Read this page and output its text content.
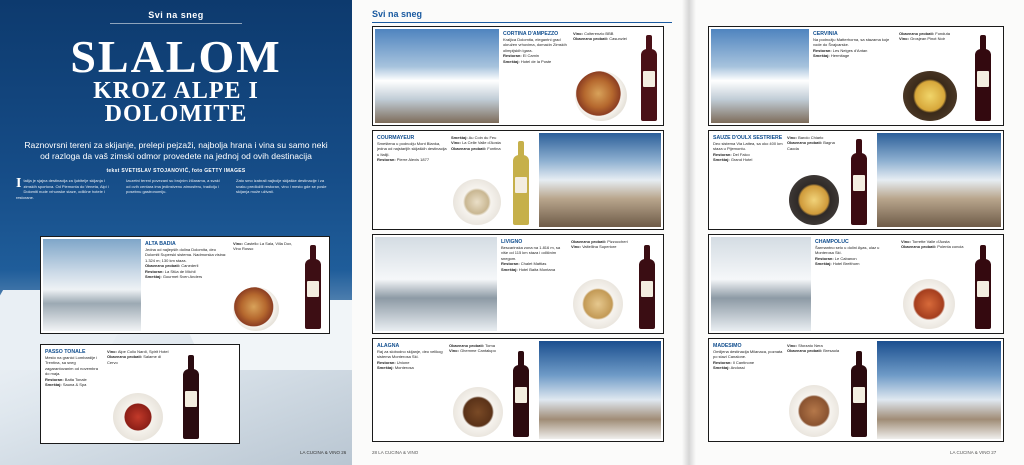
Svi na sneg
SLALOM
KROZ ALPE I
DOLOMITE
Raznovrsni tereni za skijanje, prelepi pejzaži, najbolja hrana i vina su samo neki od razloga da vaš zimski odmor provedete na jednoj od ovih destinacija
tekst SVETISLAV STOJANOVIĆ, foto GETTY IMAGES
I talija je sjajna destinacija za ljubitelje skijanja i zimskih sportova. Od Piemonta do Veneta, Alpi i Dolomiti nude vrhunske staze, odlične hotele i restorane.
Izuzetni tereni povezani su brojnim žičarama, a svaki od ovih centara ima jedinstvenu atmosferu, tradiciju i posebnu gastronomiju.
Zato smo izabrali najbolje skijaške destinacije i za svaku predložili restoran, vino i mesto gde se posle skijanja može uživati.
ALTA BADIA
Jedna od najlepših dolina Dolomita, deo Dolomiti Superski sistema. Nadmorska visina: 1.324 m; 130 km staza.
Obavezno probati: Canederli
Restoran: La Stüa de Michil
Smeštaj: Gourmet Sven Anders
Vino: Castello La Sala, Villa Dox, Vino Rosso
PASSO TONALE
Mesto na granici Lombardije i Trentina, sa sneg zagarantovanim od novembra do maja.
Restoran: Baita Tonale
Smeštaj: Sauna & Spa
Vino: Alpe Colio Nardi, Spirit Hotel
Obavezno probati: Salame di Cervo
LA CUCINA & VINO 26
Svi na sneg
CORTINA D'AMPEZZO
Kraljica Dolomita, elegantni grad okružen vrhovima, domaćin Zimskih olimpijskih igara.
Restoran: El Camin
Smeštaj: Hotel de la Poste
Vino: Colterenzio BBB
Obavezno probati: Casunziei
COURMAYEUR
Smeštena u podnožju Mont Blanka, jedna od najstarijih skijaških destinacija u Italiji.
Restoran: Pierre Alexis 1877
Smeštaj: Au Coin du Feu
Vino: La Celle Valle d'Aosta
Obavezno probati: Fontina
LIVIGNO
Bescarinska zona na 1.816 m, sa više od 115 km staza i odličnim snegom.
Restoran: Chalet Mattias
Smeštaj: Hotel Baita Montana
Obavezno probati: Pizzoccheri
Vino: Valtellina Superiore
ALAGNA
Raj za slobodno skijanje, deo velikog sistema Monterosa Ski.
Restoran: Unione
Smeštaj: Monterosa
Obavezno probati: Toma
Vino: Ghemme Cantalupo
CERVINIA
Na podnožju Matterhorna, sa stazama koje vode do Švajcarske.
Restoran: Les Neiges d'Antan
Smeštaj: Hermitage
Obavezno probati: Fonduta
Vino: Grosjean Pinot Noir
SAUZE D'OULX SESTRIERE
Deo sistema Via Lattea, sa oko 400 km staza u Pijemontu.
Restoran: Del Falco
Smeštaj: Grand Hotel
Vino: Barolo Chiarlo
Obavezno probati: Bagna Caoda
CHAMPOLUC
Šarmantno selo u dolini Ayas, ulaz u Monterosa Ski.
Restoran: Le Cabanon
Smeštaj: Hotel Breithorn
Vino: Torrette Valle d'Aosta
Obavezno probati: Polenta concia
MADESIMO
Omiljena destinacija Milanaca, poznata po stazi Canalone.
Restoran: Il Cantinone
Smeštaj: Andossi
Vino: Sforzato Nera
Obavezno probati: Bresaola
28 LA CUCINA & VINO	LA CUCINA & VINO 27
